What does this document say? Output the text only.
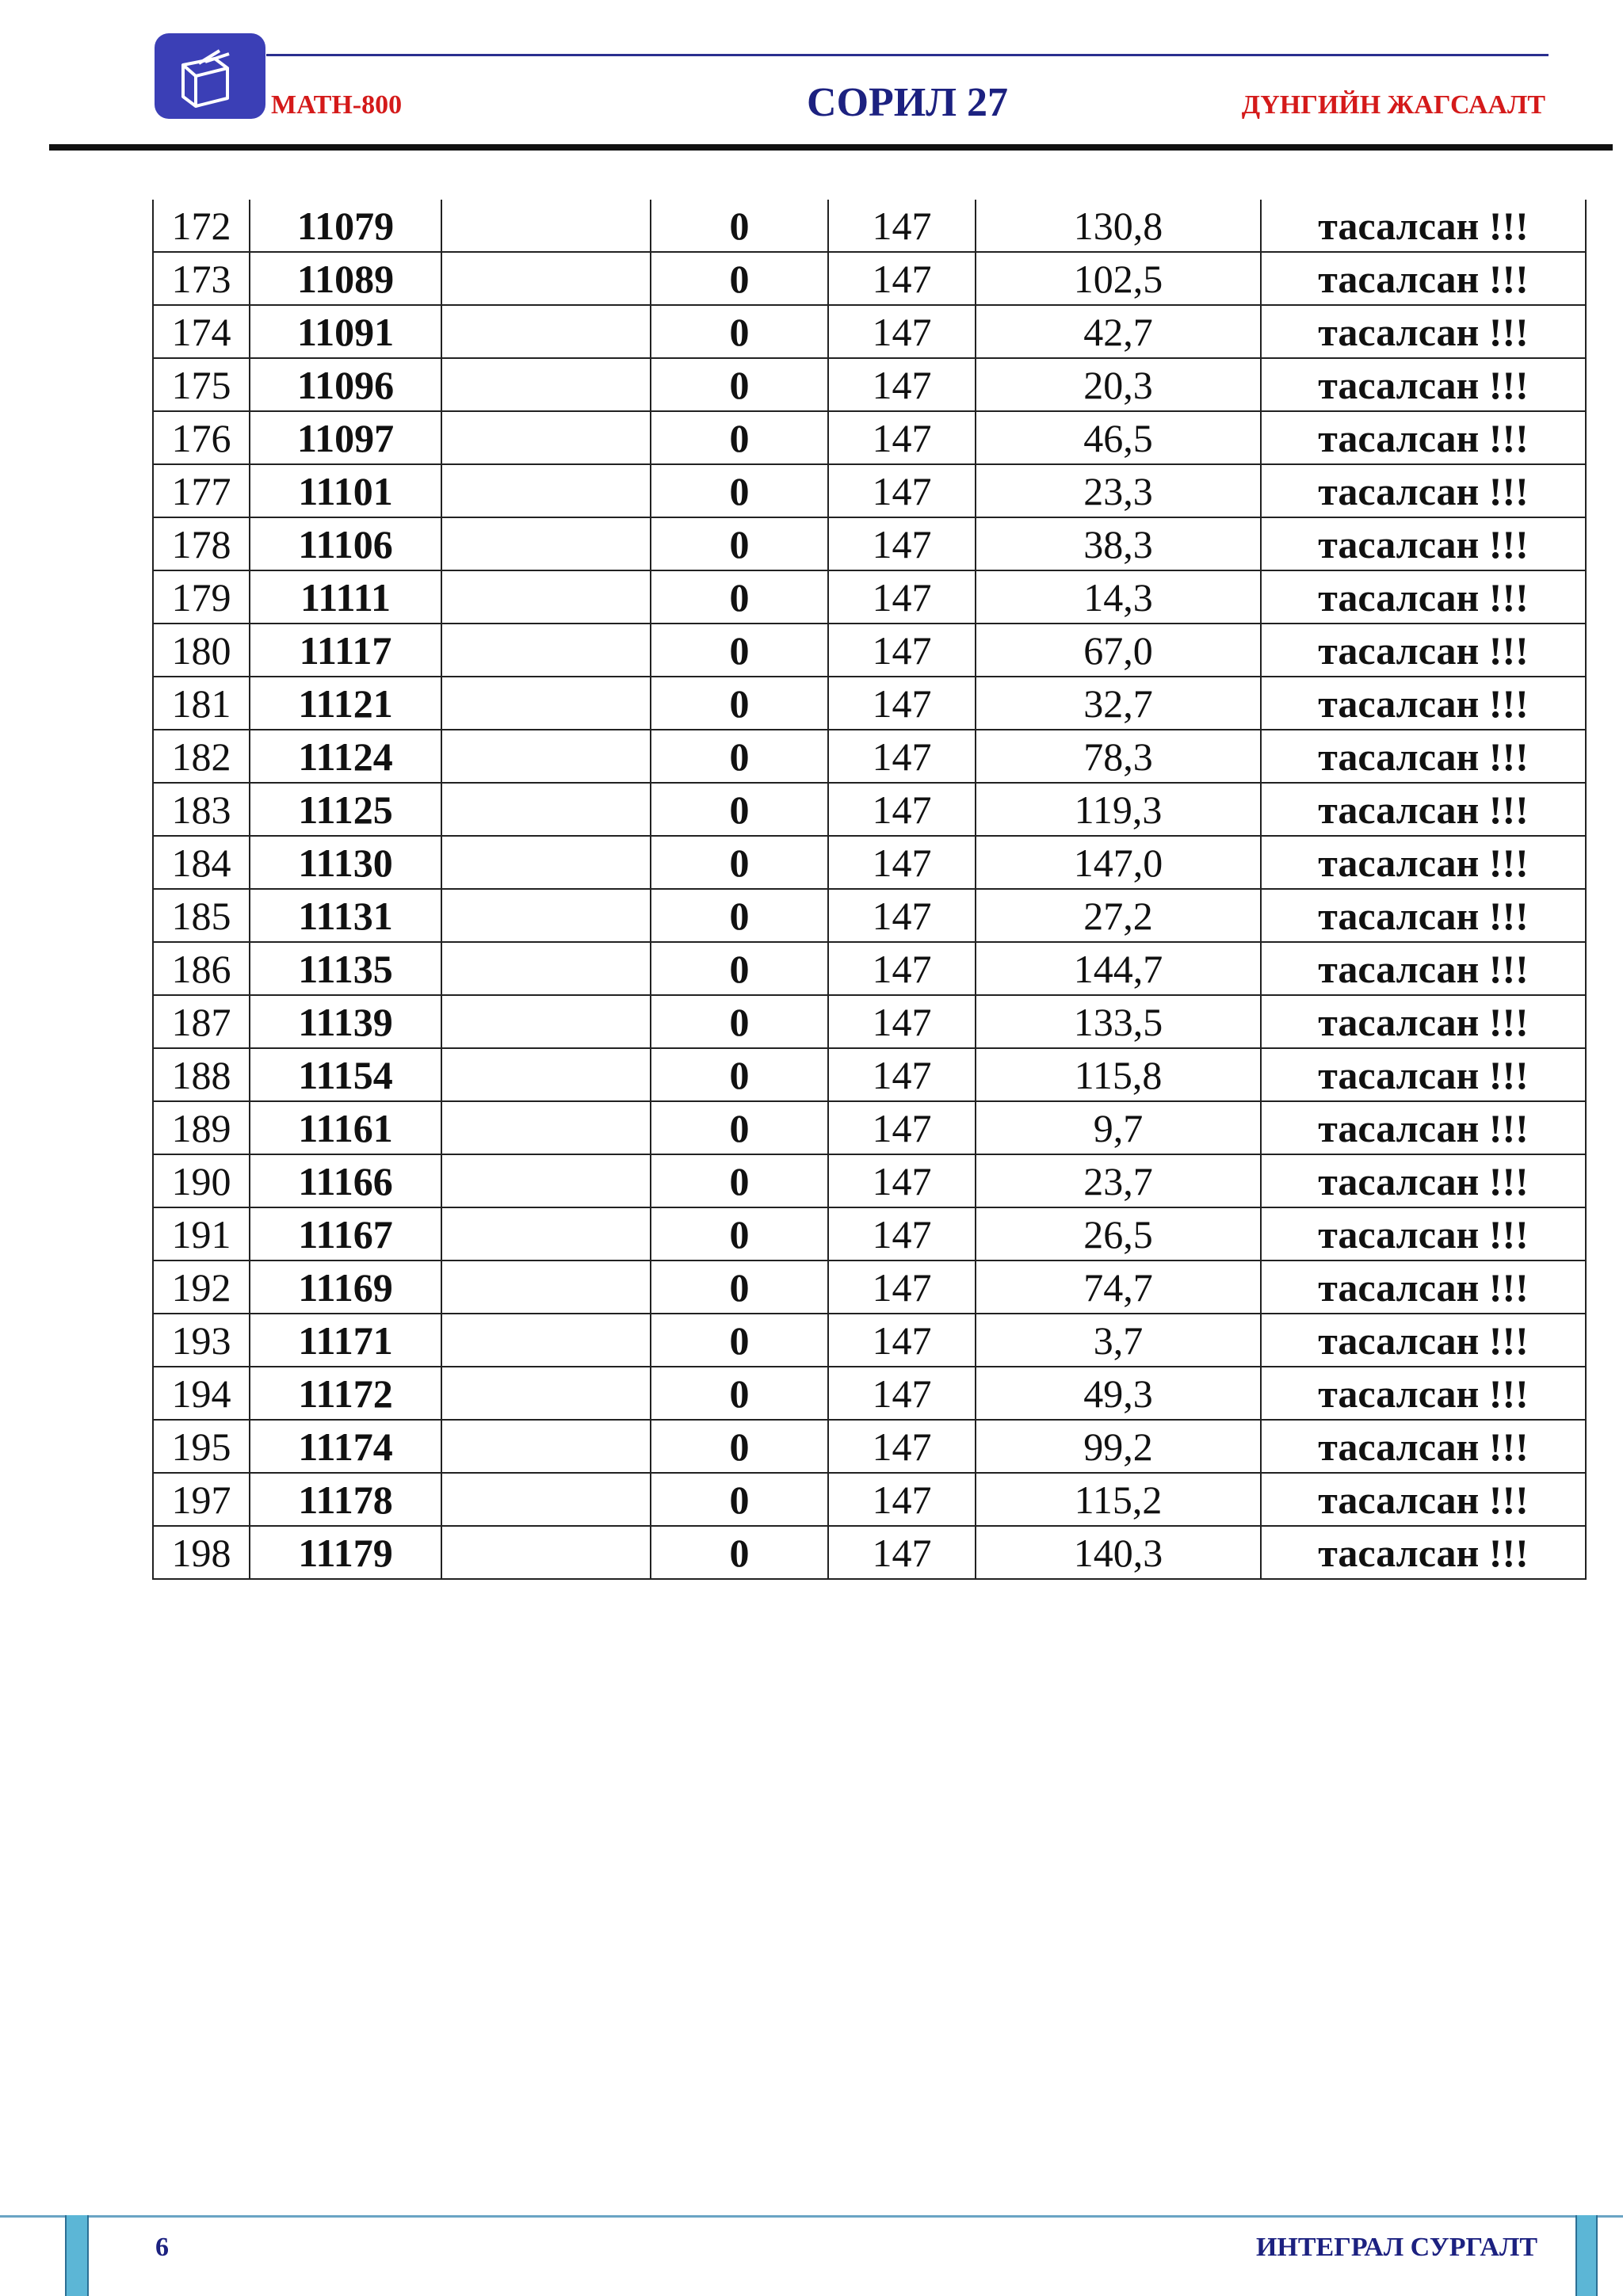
МАТН-800	СОРИЛ 27	ДҮНГИЙН ЖАГСААЛТ
172	11079		0	147	130,8	тасалсан !!!
173	11089		0	147	102,5	тасалсан !!!
174	11091		0	147	42,7	тасалсан !!!
175	11096		0	147	20,3	тасалсан !!!
176	11097		0	147	46,5	тасалсан !!!
177	11101		0	147	23,3	тасалсан !!!
178	11106		0	147	38,3	тасалсан !!!
179	11111		0	147	14,3	тасалсан !!!
180	11117		0	147	67,0	тасалсан !!!
181	11121		0	147	32,7	тасалсан !!!
182	11124		0	147	78,3	тасалсан !!!
183	11125		0	147	119,3	тасалсан !!!
184	11130		0	147	147,0	тасалсан !!!
185	11131		0	147	27,2	тасалсан !!!
186	11135		0	147	144,7	тасалсан !!!
187	11139		0	147	133,5	тасалсан !!!
188	11154		0	147	115,8	тасалсан !!!
189	11161		0	147	9,7	тасалсан !!!
190	11166		0	147	23,7	тасалсан !!!
191	11167		0	147	26,5	тасалсан !!!
192	11169		0	147	74,7	тасалсан !!!
193	11171		0	147	3,7	тасалсан !!!
194	11172		0	147	49,3	тасалсан !!!
195	11174		0	147	99,2	тасалсан !!!
197	11178		0	147	115,2	тасалсан !!!
198	11179		0	147	140,3	тасалсан !!!
6	ИНТЕГРАЛ СУРГАЛТ
